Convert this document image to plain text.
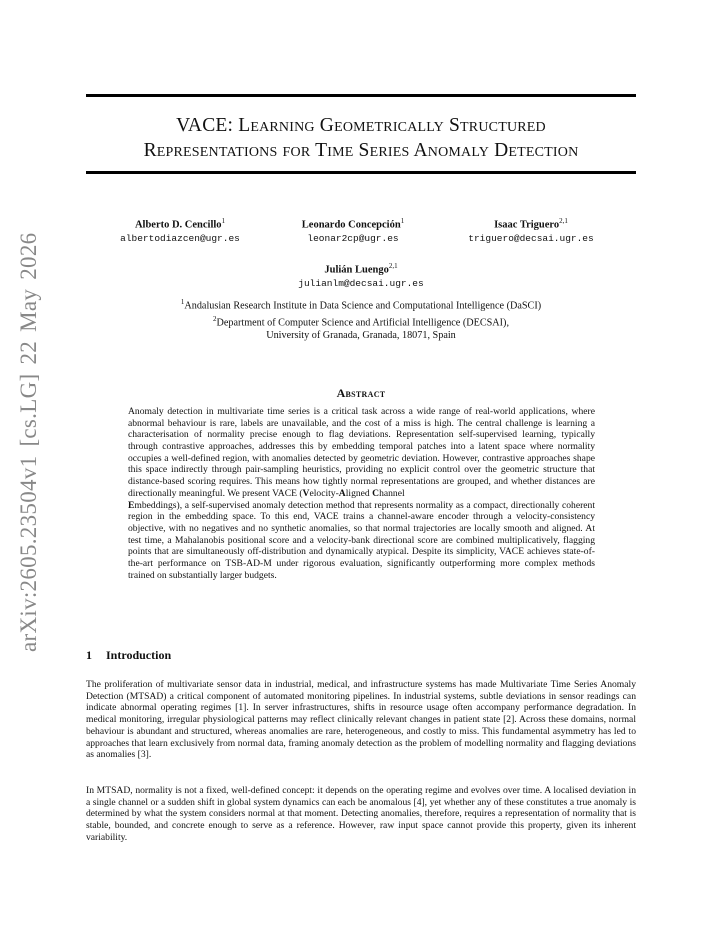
arXiv:2605.23504v1 [cs.LG] 22 May 2026
VACE: Learning Geometrically Structured
Representations for Time Series Anomaly Detection
Alberto D. Cencillo$^1$
albertodiazcen@ugr.es
Leonardo Concepción$^1$
leonar2cp@ugr.es
Isaac Triguero$^{2,1}$
triguero@decsai.ugr.es
Julián Luengo$^{2,1}$
julianlm@decsai.ugr.es
$^1$Andalusian Research Institute in Data Science and Computational Intelligence (DaSCI)
$^2$Department of Computer Science and Artificial Intelligence (DECSAI),
University of Granada, Granada, 18071, Spain
Abstract
Anomaly detection in multivariate time series is a critical task across a wide range of real-world applications, where abnormal behaviour is rare, labels are unavailable, and the cost of a miss is high. The central challenge is learning a characterisation of normality precise enough to flag deviations. Representation self-supervised learning, typically through contrastive approaches, addresses this by embedding temporal patches into a latent space where normality occupies a well-defined region, with anomalies detected by geometric deviation. However, contrastive approaches shape this space indirectly through pair-sampling heuristics, providing no explicit control over the geometric structure that distance-based scoring requires. This means how tightly normal representations are grouped, and whether distances are directionally meaningful. We present VACE (Velocity-Aligned Channel
Embeddings), a self-supervised anomaly detection method that represents normality as a compact, directionally coherent region in the embedding space. To this end, VACE trains a channel-aware encoder through a velocity-consistency objective, with no negatives and no synthetic anomalies, so that normal trajectories are locally smooth and aligned. At test time, a Mahalanobis positional score and a velocity-bank directional score are combined multiplicatively, flagging points that are simultaneously off-distribution and dynamically atypical. Despite its simplicity, VACE achieves state-of-the-art performance on TSB-AD-M under rigorous evaluation, significantly outperforming more complex methods trained on substantially larger budgets.
1 Introduction
The proliferation of multivariate sensor data in industrial, medical, and infrastructure systems has made Multivariate Time Series Anomaly Detection (MTSAD) a critical component of automated monitoring pipelines. In industrial systems, subtle deviations in sensor readings can indicate abnormal operating regimes [1]. In server infrastructures, shifts in resource usage often accompany performance degradation. In medical monitoring, irregular physiological patterns may reflect clinically relevant changes in patient state [2]. Across these domains, normal behaviour is abundant and structured, whereas anomalies are rare, heterogeneous, and costly to miss. This fundamental asymmetry has led to approaches that learn exclusively from normal data, framing anomaly detection as the problem of modelling normality and flagging deviations as anomalies [3].
In MTSAD, normality is not a fixed, well-defined concept: it depends on the operating regime and evolves over time. A localised deviation in a single channel or a sudden shift in global system dynamics can each be anomalous [4], yet whether any of these constitutes a true anomaly is determined by what the system considers normal at that moment. Detecting anomalies, therefore, requires a representation of normality that is stable, bounded, and concrete enough to serve as a reference. However, raw input space cannot provide this property, given its inherent variability.
